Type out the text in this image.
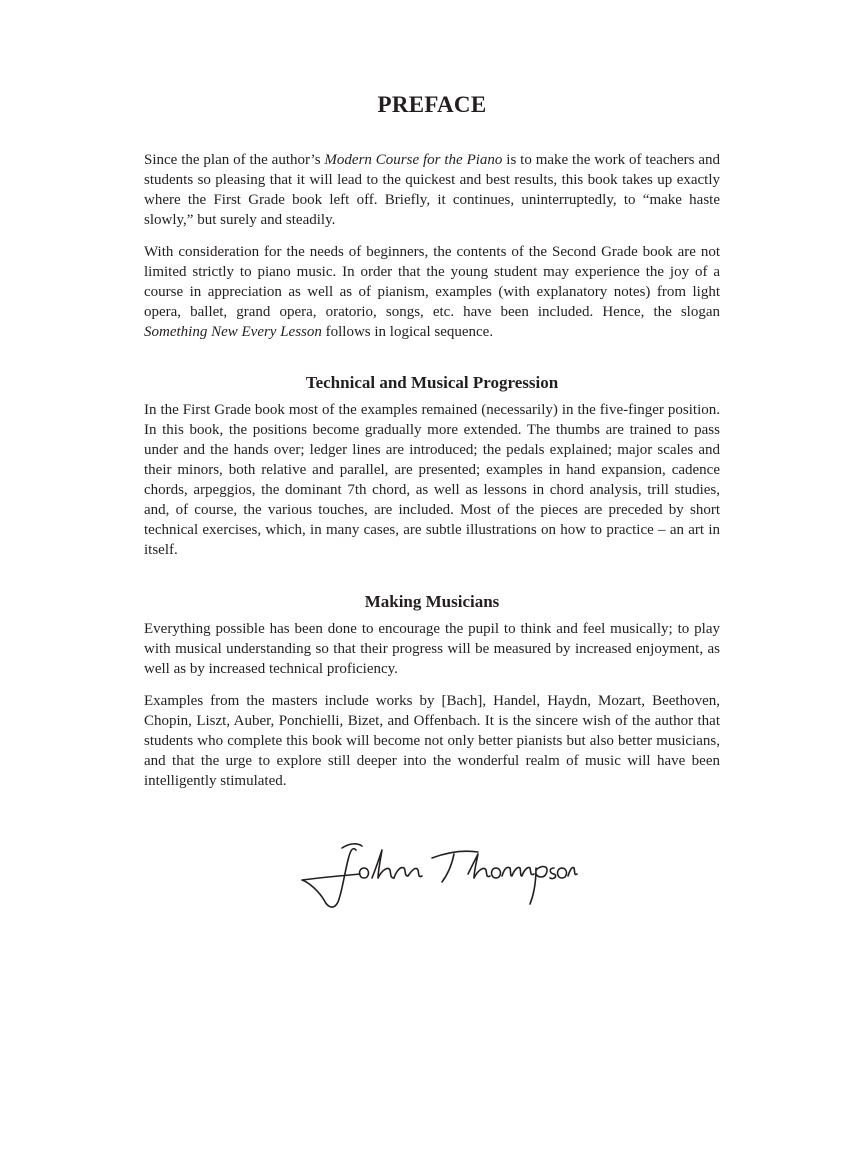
PREFACE

Since the plan of the author’s Modern Course for the Piano is to make the work of teachers and students so pleasing that it will lead to the quickest and best results, this book takes up exactly where the First Grade book left off. Briefly, it continues, uninterruptedly, to “make haste slowly,” but surely and steadily.

With consideration for the needs of beginners, the contents of the Second Grade book are not limited strictly to piano music. In order that the young student may experience the joy of a course in appreciation as well as of pianism, examples (with explanatory notes) from light opera, ballet, grand opera, oratorio, songs, etc. have been included. Hence, the slogan Something New Every Lesson follows in logical sequence.

Technical and Musical Progression

In the First Grade book most of the examples remained (necessarily) in the five-finger position. In this book, the positions become gradually more extended. The thumbs are trained to pass under and the hands over; ledger lines are introduced; the pedals explained; major scales and their minors, both relative and parallel, are presented; examples in hand expansion, cadence chords, arpeggios, the dominant 7th chord, as well as lessons in chord analysis, trill studies, and, of course, the various touches, are included. Most of the pieces are preceded by short technical exercises, which, in many cases, are subtle illustrations on how to practice – an art in itself.

Making Musicians

Everything possible has been done to encourage the pupil to think and feel musically; to play with musical understanding so that their progress will be measured by increased enjoyment, as well as by increased technical proficiency.

Examples from the masters include works by [Bach], Handel, Haydn, Mozart, Beethoven, Chopin, Liszt, Auber, Ponchielli, Bizet, and Offenbach. It is the sincere wish of the author that students who complete this book will become not only better pianists but also better musicians, and that the urge to explore still deeper into the wonderful realm of music will have been intelligently stimulated.
